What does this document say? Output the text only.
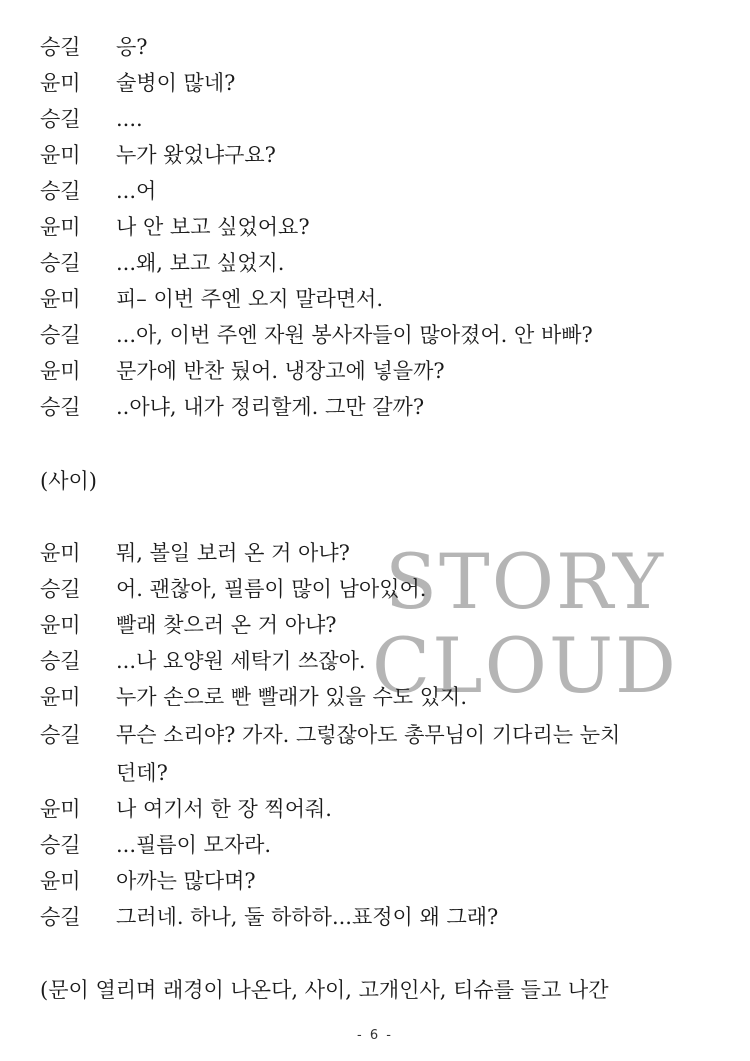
STORY
CLOUD
승길 응?
윤미 술병이 많네?
승길 ....
윤미 누가 왔었냐구요?
승길 ...어
윤미 나 안 보고 싶었어요?
승길 ...왜, 보고 싶었지.
윤미 피– 이번 주엔 오지 말라면서.
승길 ...아, 이번 주엔 자원 봉사자들이 많아졌어. 안 바빠?
윤미 문가에 반찬 뒀어. 냉장고에 넣을까?
승길 ..아냐, 내가 정리할게. 그만 갈까?
(사이)
윤미 뭐, 볼일 보러 온 거 아냐?
승길 어. 괜찮아, 필름이 많이 남아있어.
윤미 빨래 찾으러 온 거 아냐?
승길...나 요양원 세탁기 쓰잖아.
윤미 누가 손으로 빤 빨래가 있을 수도 있지.
승길 무슨 소리야? 가자. 그렇잖아도 총무님이 기다리는 눈치
던데?
윤미 나 여기서 한 장 찍어줘.
승길 ...필름이 모자라.
윤미 아까는 많다며?
승길 그러네. 하나, 둘 하하하...표정이 왜 그래?
(문이 열리며 래경이 나온다, 사이, 고개인사, 티슈를 들고 나간
- 6 -
